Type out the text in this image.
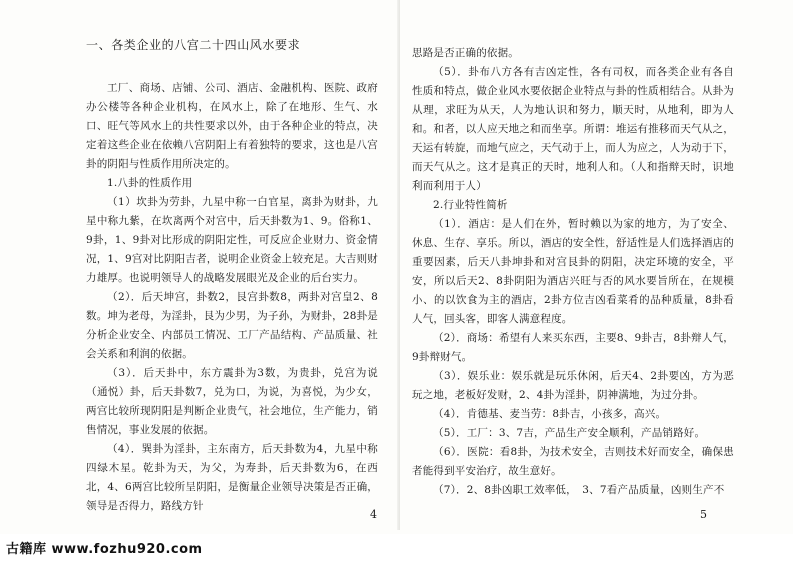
一、各类企业的八宫二十四山风水要求

工厂、商场、店铺、公司、酒店、金融机构、医院、政府办公楼等各种企业机构，在风水上，除了在地形、生气、水口、旺气等风水上的共性要求以外，由于各种企业的特点，决定着这些企业在依赖八宫阴阳上有着独特的要求，这也是八宫卦的阴阳与性质作用所决定的。

1.八卦的性质作用

（1）坎卦为劳卦，九星中称一白官星，离卦为财卦，九星中称九紫，在坎离两个对宫中，后天卦数为1、9。俗称1、9卦，1、9卦对比形成的阴阳定性，可反应企业财力、资金情况，1、9宫对比阴阳吉者，说明企业资金上较充足。大吉则财力雄厚。也说明领导人的战略发展眼光及企业的后台实力。

（2）．后天坤宫，卦数2，艮宫卦数8，两卦对宫皇2、8数。坤为老母，为淫卦，艮为少男，为子孙，为财卦，28卦是分析企业安全、内部员工情况、工厂产品结构、产品质量、社会关系和利润的依据。

（3）．后天卦中，东方震卦为3数，为贵卦，兑宫为说（通悦）卦，后天卦数7，兑为口，为说，为喜悦，为少女，两宫比较所现阴阳是判断企业贵气，社会地位，生产能力，销售情况，事业发展的依据。

（4）．巽卦为淫卦，主东南方，后天卦数为4，九星中称四绿木星。乾卦为天，为父，为寿卦，后天卦数为6，在西北，4、6两宫比较所呈阴阳，是衡量企业领导决策是否正确，领导是否得力，路线方针

4

思路是否正确的依据。

（5）．卦布八方各有吉凶定性，各有司权，而各类企业有各自性质和特点，做企业风水要依据企业特点与卦的性质相结合。从卦为从理，求旺为从天，人为地认识和努力，顺天时，从地利，即为人和。和者，以人应天地之和而坐享。所谓：堆运有推移而天气从之，天运有转旋，而地气应之，天气动于上，而人为应之，人为动于下，而天气从之。这才是真正的天时，地利人和。（人和指辩天时，识地利而利用于人）

2.行业特性简析

（1）．酒店：是人们在外，暂时赖以为家的地方，为了安全、休息、生存、享乐。所以，酒店的安全性，舒适性是人们选择酒店的重要因素，后天八卦坤卦和对宫艮卦的阴阳，决定环境的安全，平安，所以后天2、8卦阴阳为酒店兴旺与否的风水要旨所在，在规模小、的以饮食为主的酒店，2卦方位吉凶看菜肴的品种质量，8卦看人气，回头客，即客人满意程度。

（2）．商场：希望有人来买东西，主要8、9卦吉，8卦辩人气，9卦辩财气。

（3）．娱乐业：娱乐就是玩乐休闲，后天4、2卦要凶，方为恶玩之地，老板好发财，2、4卦为淫卦，阴神满地，为过分卦。

（4）．肯德基、麦当劳：8卦吉，小孩多，高兴。

（5）．工厂：3、7吉，产品生产安全顺利，产品销路好。

（6）．医院：看8卦，为技术安全，吉则技术好而安全，确保患者能得到平安治疗，故生意好。

（7）．2、8卦凶职工效率低，　3、7看产品质量，凶则生产不

5
古籍库 www.fozhu920.com
